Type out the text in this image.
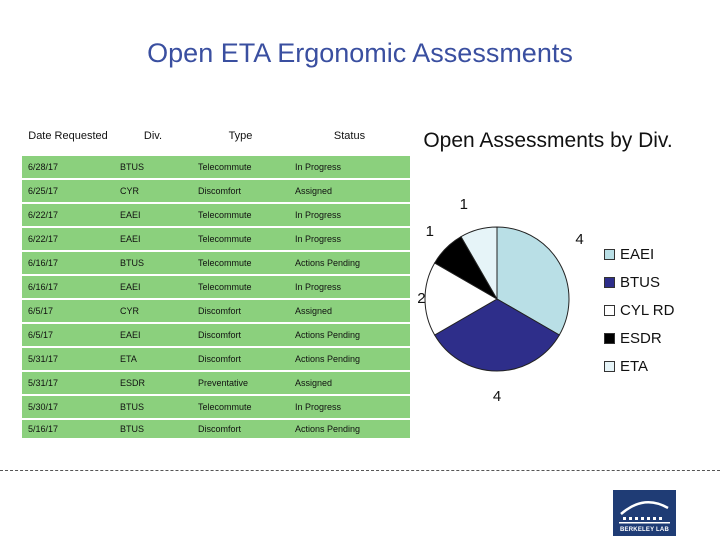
Open ETA Ergonomic Assessments
Date Requested	Div.	Type	Status
6/28/17	BTUS	Telecommute	In Progress
6/25/17	CYR	Discomfort	Assigned
6/22/17	EAEI	Telecommute	In Progress
6/22/17	EAEI	Telecommute	In Progress
6/16/17	BTUS	Telecommute	Actions Pending
6/16/17	EAEI	Telecommute	In Progress
6/5/17	CYR	Discomfort	Assigned
6/5/17	EAEI	Discomfort	Actions Pending
5/31/17	ETA	Discomfort	Actions Pending
5/31/17	ESDR	Preventative	Assigned
5/30/17	BTUS	Telecommute	In Progress
5/16/17	BTUS	Discomfort	Actions Pending
Open Assessments by Div.
4
4
2
1
1
EAEI
BTUS
CYL RD
ESDR
ETA
BERKELEY LAB
